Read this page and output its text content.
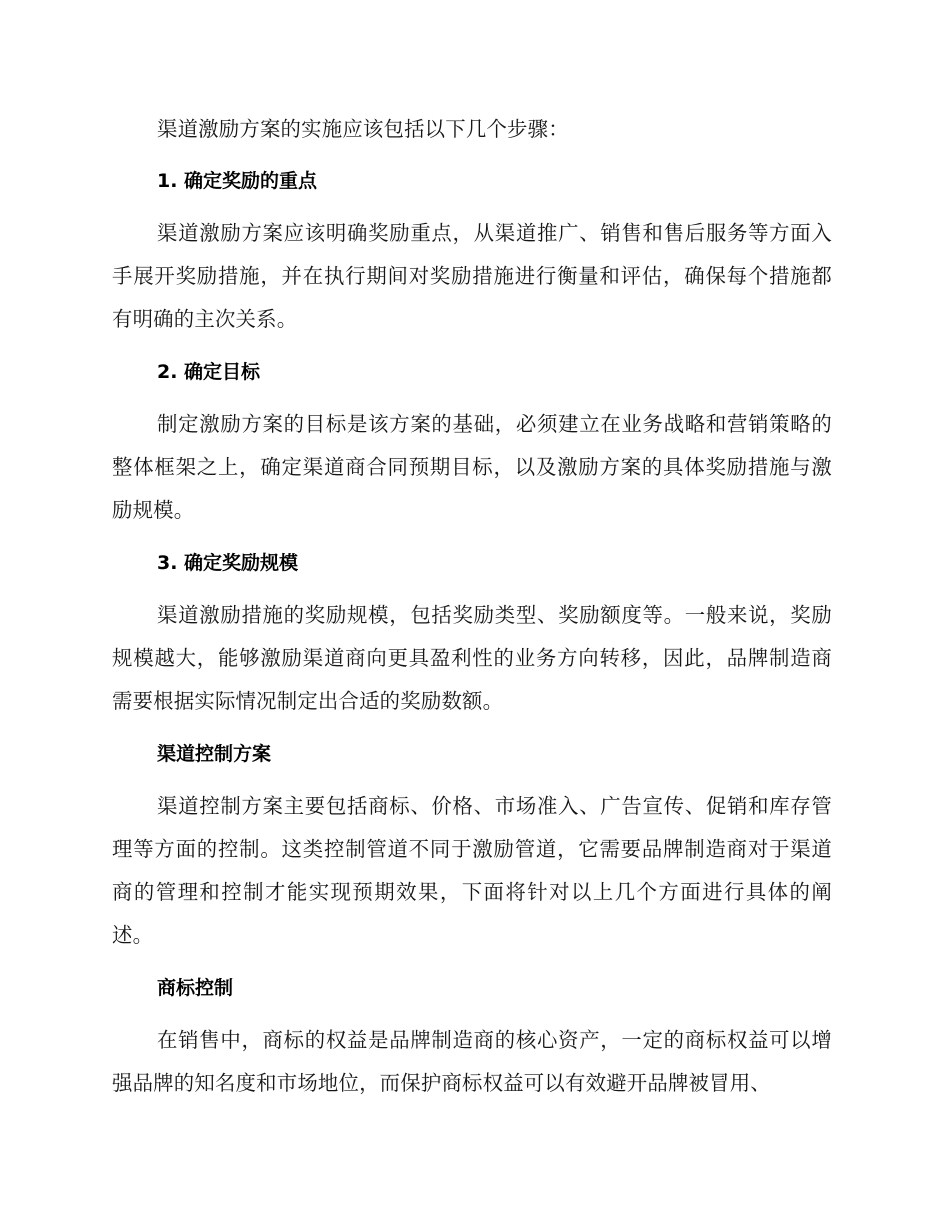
渠道激励方案的实施应该包括以下几个步骤：

1. 确定奖励的重点

渠道激励方案应该明确奖励重点，从渠道推广、销售和售后服务等方面入手展开奖励措施，并在执行期间对奖励措施进行衡量和评估，确保每个措施都有明确的主次关系。

2. 确定目标

制定激励方案的目标是该方案的基础，必须建立在业务战略和营销策略的整体框架之上，确定渠道商合同预期目标，以及激励方案的具体奖励措施与激励规模。

3. 确定奖励规模

渠道激励措施的奖励规模，包括奖励类型、奖励额度等。一般来说，奖励规模越大，能够激励渠道商向更具盈利性的业务方向转移，因此，品牌制造商需要根据实际情况制定出合适的奖励数额。

渠道控制方案

渠道控制方案主要包括商标、价格、市场准入、广告宣传、促销和库存管理等方面的控制。这类控制管道不同于激励管道，它需要品牌制造商对于渠道商的管理和控制才能实现预期效果，下面将针对以上几个方面进行具体的阐述。

商标控制

在销售中，商标的权益是品牌制造商的核心资产，一定的商标权益可以增强品牌的知名度和市场地位，而保护商标权益可以有效避开品牌被冒用、
